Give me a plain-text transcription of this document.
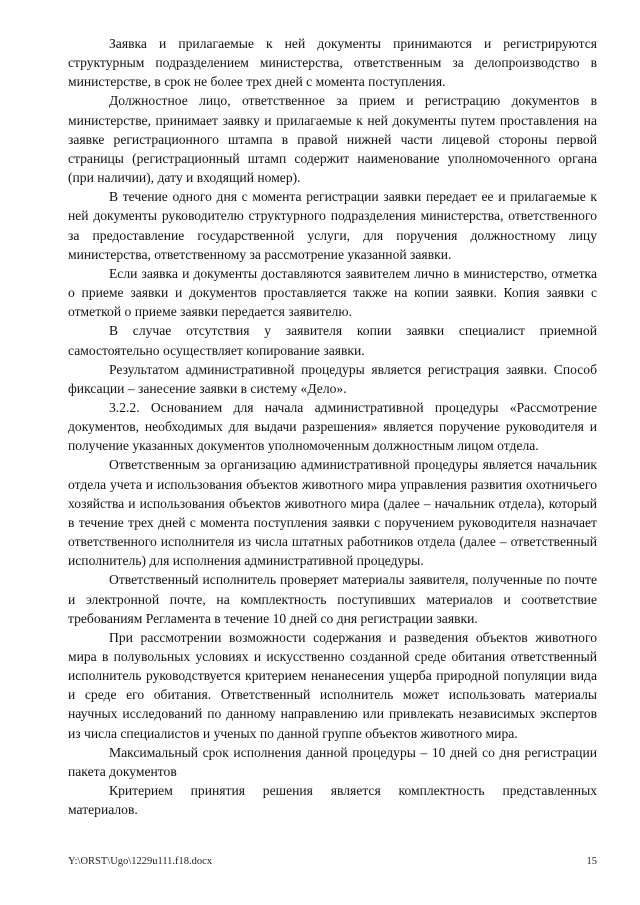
Заявка и прилагаемые к ней документы принимаются и регистрируются структурным подразделением министерства, ответственным за делопроизводство в министерстве, в срок не более трех дней с момента поступления.

Должностное лицо, ответственное за прием и регистрацию документов в министерстве, принимает заявку и прилагаемые к ней документы путем проставления на заявке регистрационного штампа в правой нижней части лицевой стороны первой страницы (регистрационный штамп содержит наименование уполномоченного органа (при наличии), дату и входящий номер).

В течение одного дня с момента регистрации заявки передает ее и прилагаемые к ней документы руководителю структурного подразделения министерства, ответственного за предоставление государственной услуги, для поручения должностному лицу министерства, ответственному за рассмотрение указанной заявки.

Если заявка и документы доставляются заявителем лично в министерство, отметка о приеме заявки и документов проставляется также на копии заявки. Копия заявки с отметкой о приеме заявки передается заявителю.

В случае отсутствия у заявителя копии заявки специалист приемной самостоятельно осуществляет копирование заявки.

Результатом административной процедуры является регистрация заявки. Способ фиксации – занесение заявки в систему «Дело».

3.2.2. Основанием для начала административной процедуры «Рассмотрение документов, необходимых для выдачи разрешения» является поручение руководителя и получение указанных документов уполномоченным должностным лицом отдела.

Ответственным за организацию административной процедуры является начальник отдела учета и использования объектов животного мира управления развития охотничьего хозяйства и использования объектов животного мира (далее – начальник отдела), который в течение трех дней с момента поступления заявки с поручением руководителя назначает ответственного исполнителя из числа штатных работников отдела (далее – ответственный исполнитель) для исполнения административной процедуры.

Ответственный исполнитель проверяет материалы заявителя, полученные по почте и электронной почте, на комплектность поступивших материалов и соответствие требованиям Регламента в течение 10 дней со дня регистрации заявки.

При рассмотрении возможности содержания и разведения объектов животного мира в полувольных условиях и искусственно созданной среде обитания ответственный исполнитель руководствуется критерием ненанесения ущерба природной популяции вида и среде его обитания. Ответственный исполнитель может использовать материалы научных исследований по данному направлению или привлекать независимых экспертов из числа специалистов и ученых по данной группе объектов животного мира.

Максимальный срок исполнения данной процедуры – 10 дней со дня регистрации пакета документов

Критерием принятия решения является комплектность представленных материалов.

Y:\ORST\Ugo\1229u111.f18.docx	15
